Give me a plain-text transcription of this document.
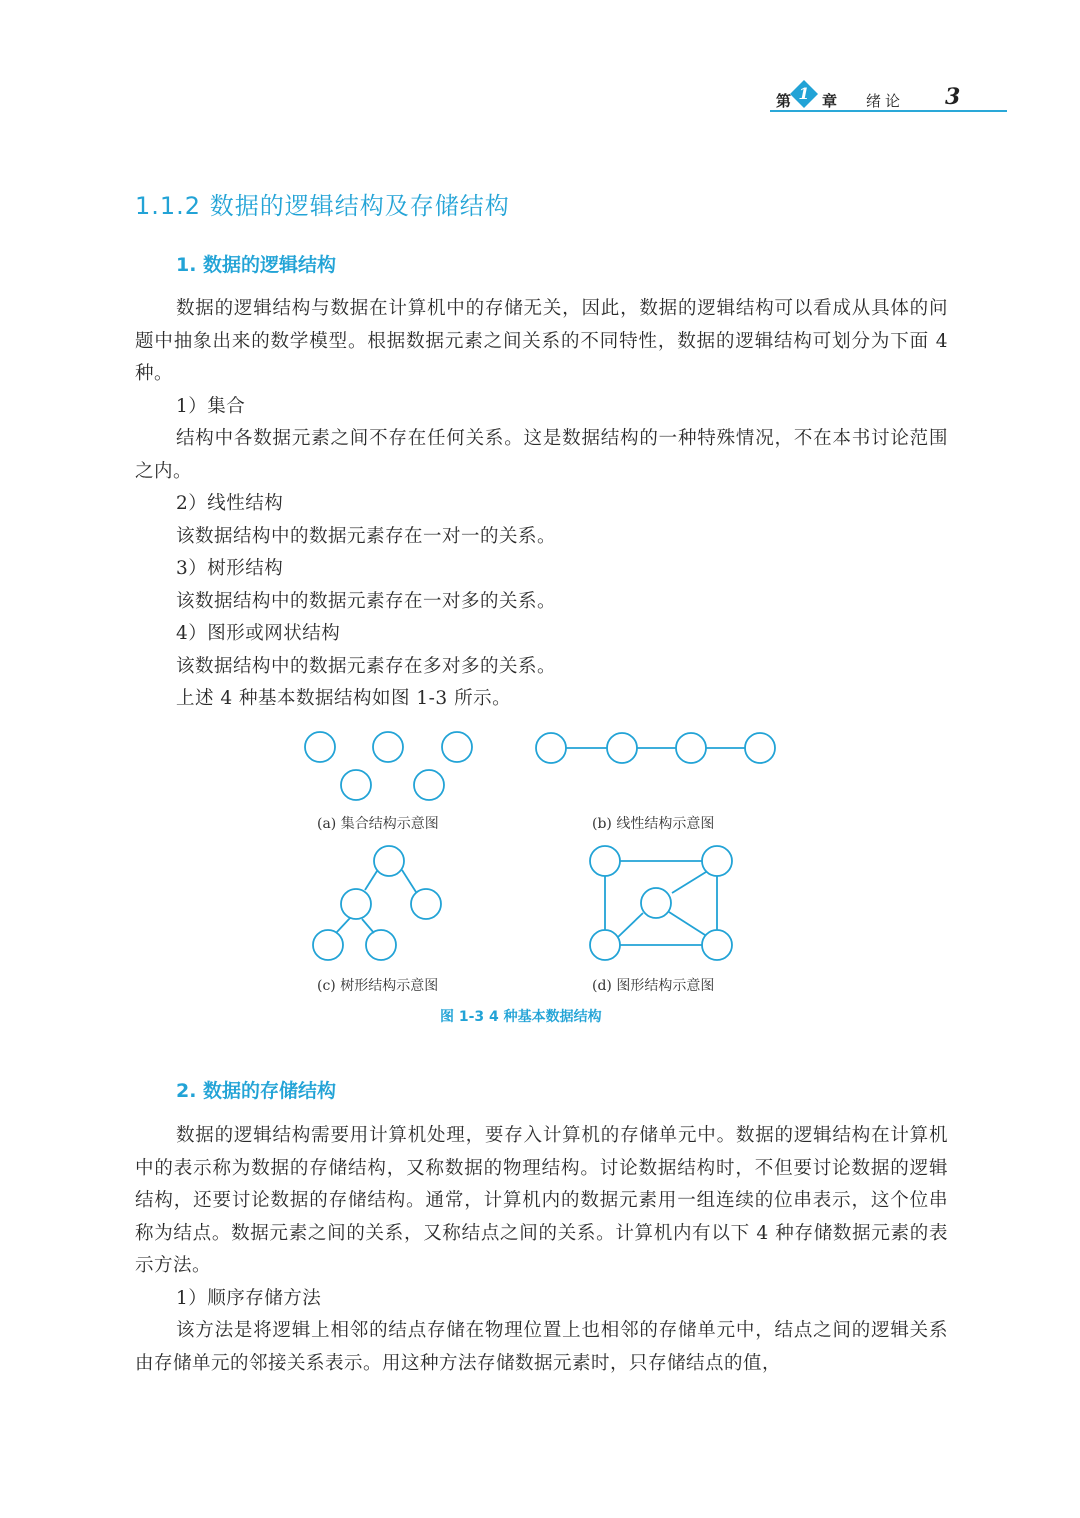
第 1 章 绪论 3
1.1.2 数据的逻辑结构及存储结构
1. 数据的逻辑结构

数据的逻辑结构与数据在计算机中的存储无关，因此，数据的逻辑结构可以看成从具体的问题中抽象出来的数学模型。根据数据元素之间关系的不同特性，数据的逻辑结构可划分为下面 4 种。

1）集合

结构中各数据元素之间不存在任何关系。这是数据结构的一种特殊情况，不在本书讨论范围之内。

2）线性结构
该数据结构中的数据元素存在一对一的关系。
3）树形结构
该数据结构中的数据元素存在一对多的关系。
4）图形或网状结构
该数据结构中的数据元素存在多对多的关系。
上述 4 种基本数据结构如图 1-3 所示。
(a) 集合结构示意图	(b) 线性结构示意图
(c) 树形结构示意图	(d) 图形结构示意图
图 1-3 4 种基本数据结构
2. 数据的存储结构

数据的逻辑结构需要用计算机处理，要存入计算机的存储单元中。数据的逻辑结构在计算机中的表示称为数据的存储结构，又称数据的物理结构。讨论数据结构时，不但要讨论数据的逻辑结构，还要讨论数据的存储结构。通常，计算机内的数据元素用一组连续的位串表示，这个位串称为结点。数据元素之间的关系，又称结点之间的关系。计算机内有以下 4 种存储数据元素的表示方法。

1）顺序存储方法

该方法是将逻辑上相邻的结点存储在物理位置上也相邻的存储单元中，结点之间的逻辑关系由存储单元的邻接关系表示。用这种方法存储数据元素时，只存储结点的值，
